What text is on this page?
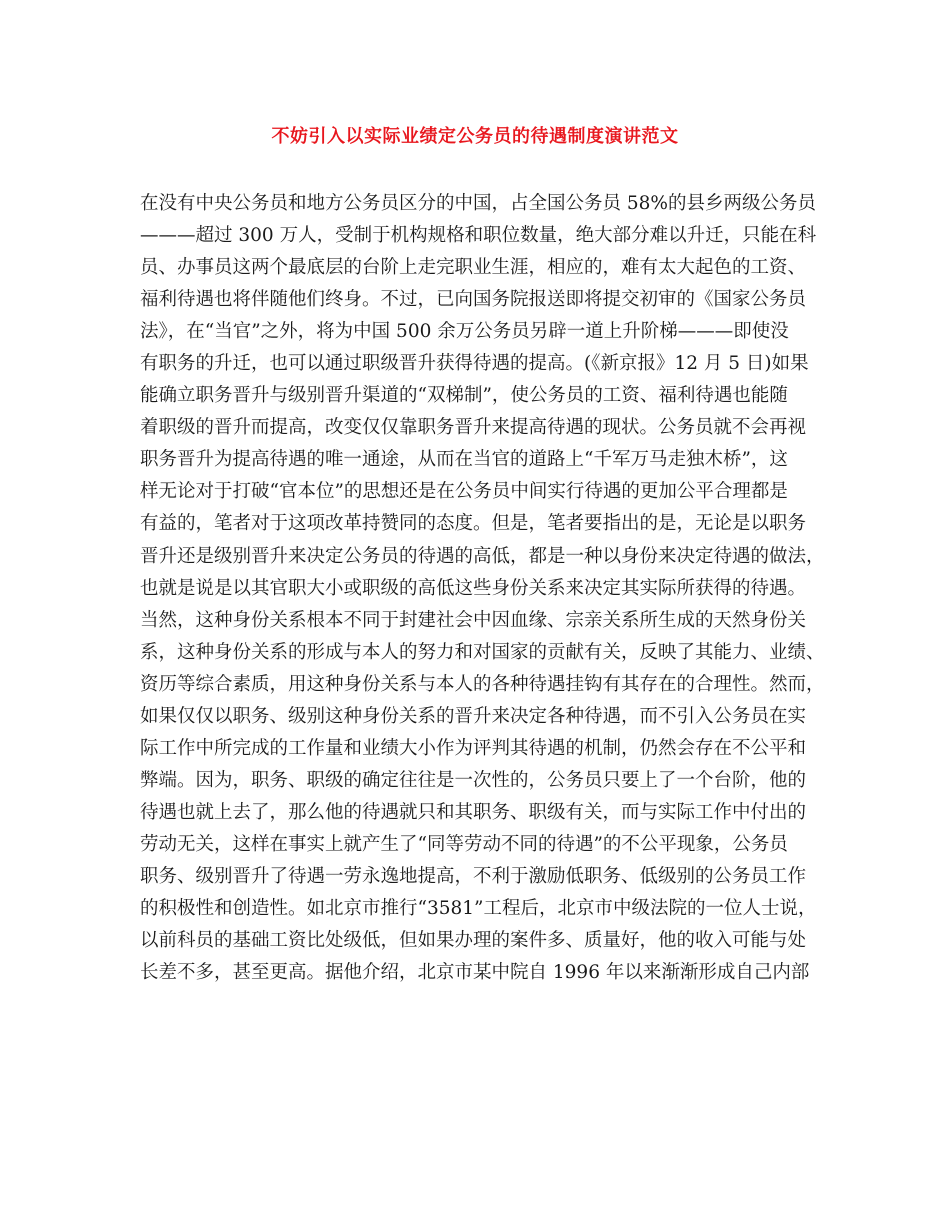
不妨引入以实际业绩定公务员的待遇制度演讲范文
在没有中央公务员和地方公务员区分的中国，占全国公务员 58%的县乡两级公务员
———超过 300 万人，受制于机构规格和职位数量，绝大部分难以升迁，只能在科
员、办事员这两个最底层的台阶上走完职业生涯，相应的，难有太大起色的工资、
福利待遇也将伴随他们终身。不过，已向国务院报送即将提交初审的《国家公务员
法》，在“当官”之外，将为中国 500 余万公务员另辟一道上升阶梯———即使没
有职务的升迁，也可以通过职级晋升获得待遇的提高。(《新京报》12 月 5 日)如果
能确立职务晋升与级别晋升渠道的“双梯制”，使公务员的工资、福利待遇也能随
着职级的晋升而提高，改变仅仅靠职务晋升来提高待遇的现状。公务员就不会再视
职务晋升为提高待遇的唯一通途，从而在当官的道路上“千军万马走独木桥”，这
样无论对于打破“官本位”的思想还是在公务员中间实行待遇的更加公平合理都是
有益的，笔者对于这项改革持赞同的态度。但是，笔者要指出的是，无论是以职务
晋升还是级别晋升来决定公务员的待遇的高低，都是一种以身份来决定待遇的做法，
也就是说是以其官职大小或职级的高低这些身份关系来决定其实际所获得的待遇。
当然，这种身份关系根本不同于封建社会中因血缘、宗亲关系所生成的天然身份关
系，这种身份关系的形成与本人的努力和对国家的贡献有关，反映了其能力、业绩、
资历等综合素质，用这种身份关系与本人的各种待遇挂钩有其存在的合理性。然而，
如果仅仅以职务、级别这种身份关系的晋升来决定各种待遇，而不引入公务员在实
际工作中所完成的工作量和业绩大小作为评判其待遇的机制，仍然会存在不公平和
弊端。因为，职务、职级的确定往往是一次性的，公务员只要上了一个台阶，他的
待遇也就上去了，那么他的待遇就只和其职务、职级有关，而与实际工作中付出的
劳动无关，这样在事实上就产生了“同等劳动不同的待遇”的不公平现象，公务员
职务、级别晋升了待遇一劳永逸地提高，不利于激励低职务、低级别的公务员工作
的积极性和创造性。如北京市推行“3581”工程后，北京市中级法院的一位人士说，
以前科员的基础工资比处级低，但如果办理的案件多、质量好，他的收入可能与处
长差不多，甚至更高。据他介绍，北京市某中院自 1996 年以来渐渐形成自己内部
